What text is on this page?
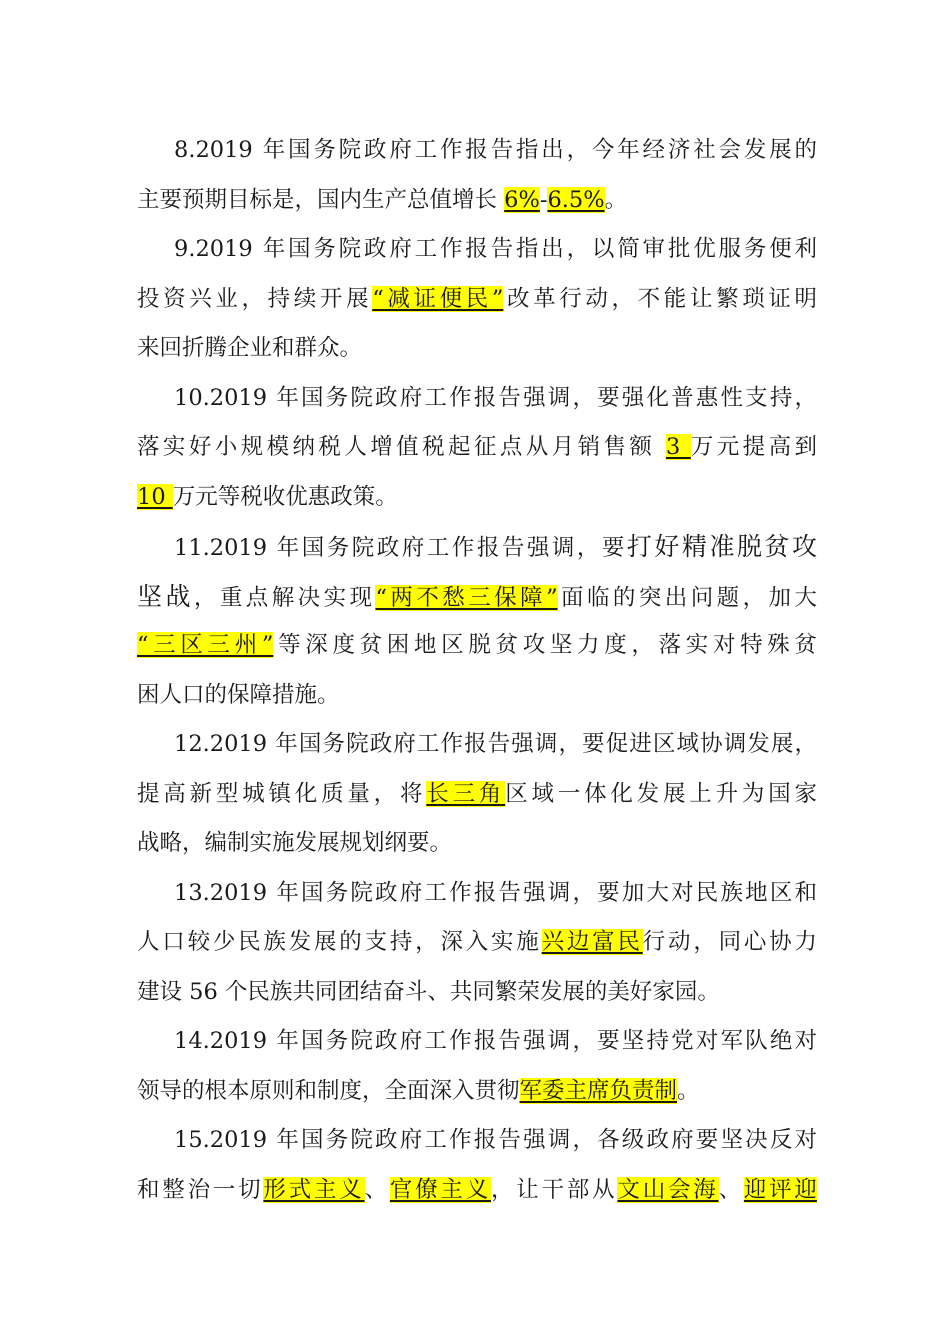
8.2019 年国务院政府工作报告指出，今年经济社会发展的
主要预期目标是，国内生产总值增长 6%-6.5%。
9.2019 年国务院政府工作报告指出，以简审批优服务便利
投资兴业，持续开展“减证便民”改革行动，不能让繁琐证明
来回折腾企业和群众。
10.2019 年国务院政府工作报告强调，要强化普惠性支持，
落实好小规模纳税人增值税起征点从月销售额 3 万元提高到
10 万元等税收优惠政策。
11.2019 年国务院政府工作报告强调，要打好精准脱贫攻
坚战，重点解决实现“两不愁三保障”面临的突出问题，加大
“三区三州”等深度贫困地区脱贫攻坚力度，落实对特殊贫
困人口的保障措施。
12.2019 年国务院政府工作报告强调，要促进区域协调发展，
提高新型城镇化质量，将长三角区域一体化发展上升为国家
战略，编制实施发展规划纲要。
13.2019 年国务院政府工作报告强调，要加大对民族地区和
人口较少民族发展的支持，深入实施兴边富民行动，同心协力
建设 56 个民族共同团结奋斗、共同繁荣发展的美好家园。
14.2019 年国务院政府工作报告强调，要坚持党对军队绝对
领导的根本原则和制度，全面深入贯彻军委主席负责制。
15.2019 年国务院政府工作报告强调，各级政府要坚决反对
和整治一切形式主义、官僚主义，让干部从文山会海、迎评迎
